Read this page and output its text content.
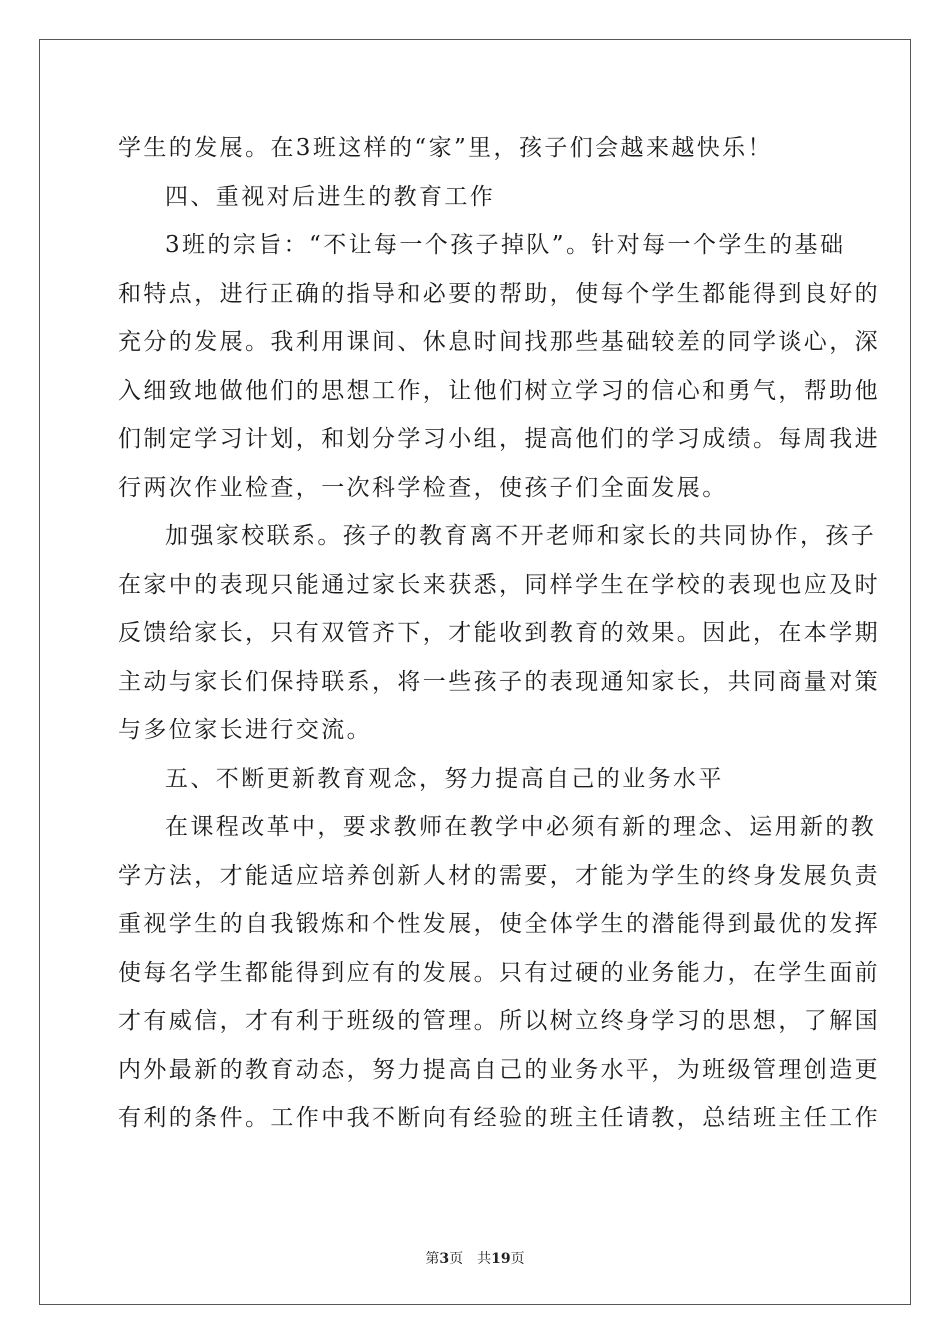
学生的发展。在3班这样的“家”里，孩子们会越来越快乐！
四、重视对后进生的教育工作
3班的宗旨：“不让每一个孩子掉队”。针对每一个学生的基础
和特点，进行正确的指导和必要的帮助，使每个学生都能得到良好的
充分的发展。我利用课间、休息时间找那些基础较差的同学谈心，深
入细致地做他们的思想工作，让他们树立学习的信心和勇气，帮助他
们制定学习计划，和划分学习小组，提高他们的学习成绩。每周我进
行两次作业检查，一次科学检查，使孩子们全面发展。
加强家校联系。孩子的教育离不开老师和家长的共同协作，孩子
在家中的表现只能通过家长来获悉，同样学生在学校的表现也应及时
反馈给家长，只有双管齐下，才能收到教育的效果。因此，在本学期
主动与家长们保持联系，将一些孩子的表现通知家长，共同商量对策
与多位家长进行交流。
五、不断更新教育观念，努力提高自己的业务水平
在课程改革中，要求教师在教学中必须有新的理念、运用新的教
学方法，才能适应培养创新人材的需要，才能为学生的终身发展负责
重视学生的自我锻炼和个性发展，使全体学生的潜能得到最优的发挥
使每名学生都能得到应有的发展。只有过硬的业务能力，在学生面前
才有威信，才有利于班级的管理。所以树立终身学习的思想，了解国
内外最新的教育动态，努力提高自己的业务水平，为班级管理创造更
有利的条件。工作中我不断向有经验的班主任请教，总结班主任工作
第3页 共19页
